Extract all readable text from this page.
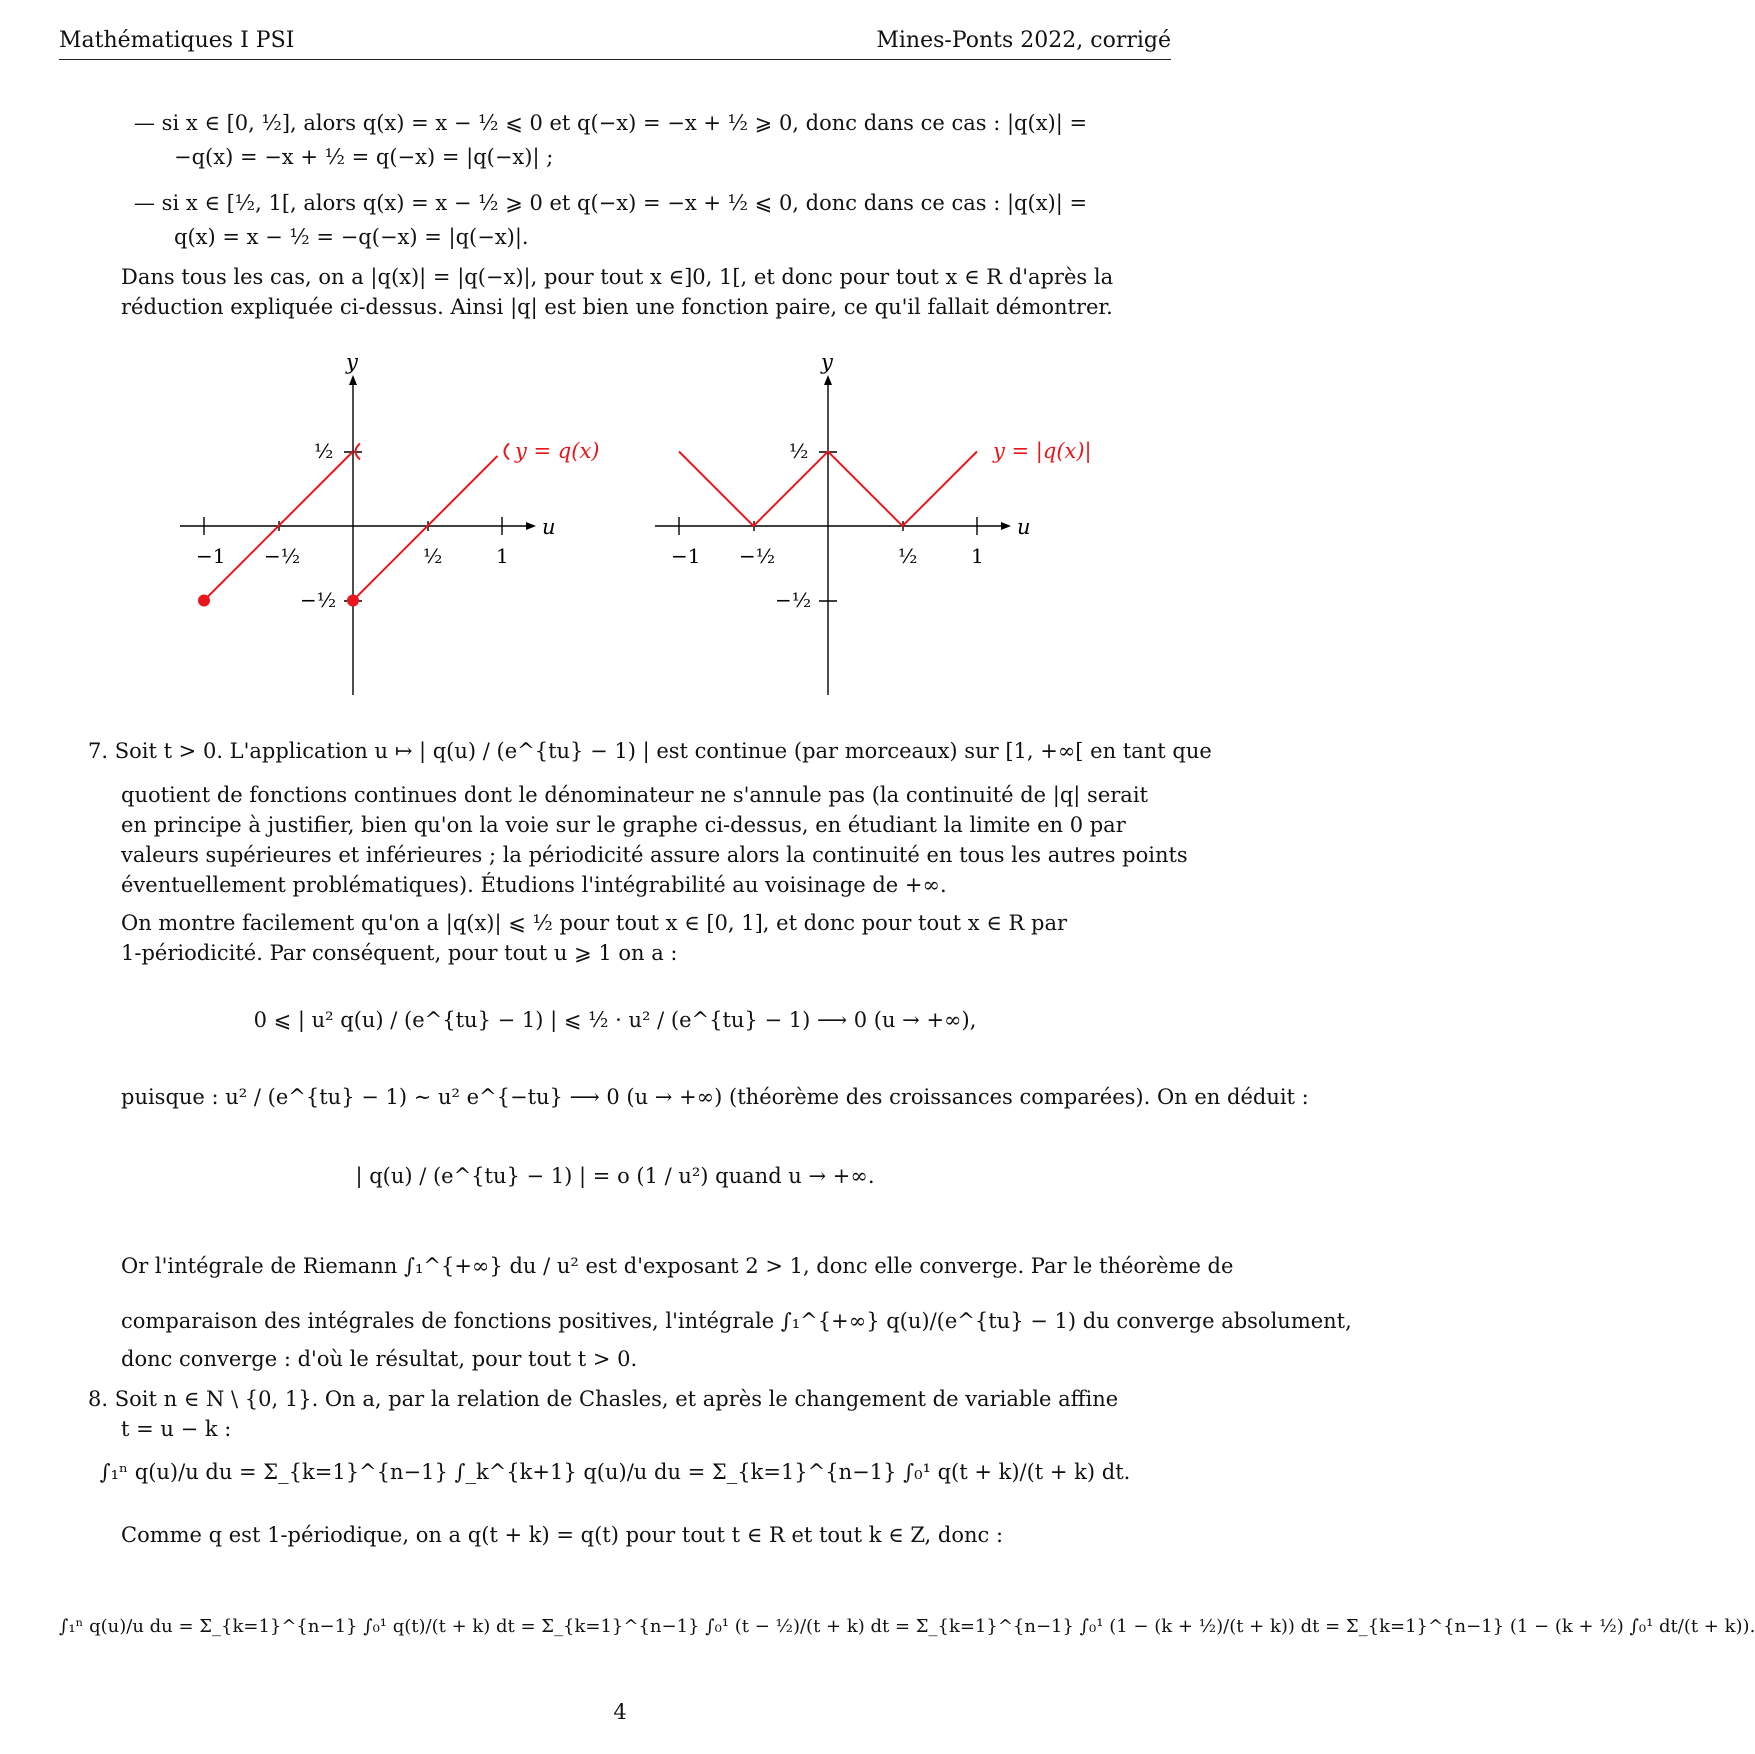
Mathématiques I PSI	Mines-Ponts 2022, corrigé
— si x ∈ [0, ½], alors q(x) = x − ½ ⩽ 0 et q(−x) = −x + ½ ⩾ 0, donc dans ce cas : |q(x)| =
−q(x) = −x + ½ = q(−x) = |q(−x)| ;
— si x ∈ [½, 1[, alors q(x) = x − ½ ⩾ 0 et q(−x) = −x + ½ ⩽ 0, donc dans ce cas : |q(x)| =
q(x) = x − ½ = −q(−x) = |q(−x)|.
Dans tous les cas, on a |q(x)| = |q(−x)|, pour tout x ∈]0, 1[, et donc pour tout x ∈ R d'après la
réduction expliquée ci-dessus. Ainsi |q| est bien une fonction paire, ce qu'il fallait démontrer.
u
y
−1 −½	½	1
½
−½
y = q(x)
u
y
−1 −½	½	1
½
−½
y = |q(x)|
7. Soit t > 0. L'application u ↦ | q(u) / (e^{tu} − 1) | est continue (par morceaux) sur [1, +∞[ en tant que
quotient de fonctions continues dont le dénominateur ne s'annule pas (la continuité de |q| serait
en principe à justifier, bien qu'on la voie sur le graphe ci-dessus, en étudiant la limite en 0 par
valeurs supérieures et inférieures ; la périodicité assure alors la continuité en tous les autres points
éventuellement problématiques). Étudions l'intégrabilité au voisinage de +∞.
On montre facilement qu'on a |q(x)| ⩽ ½ pour tout x ∈ [0, 1], et donc pour tout x ∈ R par
1-périodicité. Par conséquent, pour tout u ⩾ 1 on a :
0 ⩽ | u² q(u) / (e^{tu} − 1) | ⩽ ½ · u² / (e^{tu} − 1) ⟶ 0 (u → +∞),
puisque : u² / (e^{tu} − 1) ∼ u² e^{−tu} ⟶ 0 (u → +∞) (théorème des croissances comparées). On en déduit :
| q(u) / (e^{tu} − 1) | = o (1 / u²) quand u → +∞.
Or l'intégrale de Riemann ∫₁^{+∞} du / u² est d'exposant 2 > 1, donc elle converge. Par le théorème de
comparaison des intégrales de fonctions positives, l'intégrale ∫₁^{+∞} q(u)/(e^{tu} − 1) du converge absolument,
donc converge : d'où le résultat, pour tout t > 0.
8. Soit n ∈ N \ {0, 1}. On a, par la relation de Chasles, et après le changement de variable affine
t = u − k :
∫₁ⁿ q(u)/u du = Σ_{k=1}^{n−1} ∫_k^{k+1} q(u)/u du = Σ_{k=1}^{n−1} ∫₀¹ q(t + k)/(t + k) dt.
Comme q est 1-périodique, on a q(t + k) = q(t) pour tout t ∈ R et tout k ∈ Z, donc :
∫₁ⁿ q(u)/u du = Σ_{k=1}^{n−1} ∫₀¹ q(t)/(t + k) dt = Σ_{k=1}^{n−1} ∫₀¹ (t − ½)/(t + k) dt = Σ_{k=1}^{n−1} ∫₀¹ (1 − (k + ½)/(t + k)) dt = Σ_{k=1}^{n−1} (1 − (k + ½) ∫₀¹ dt/(t + k)).
4
